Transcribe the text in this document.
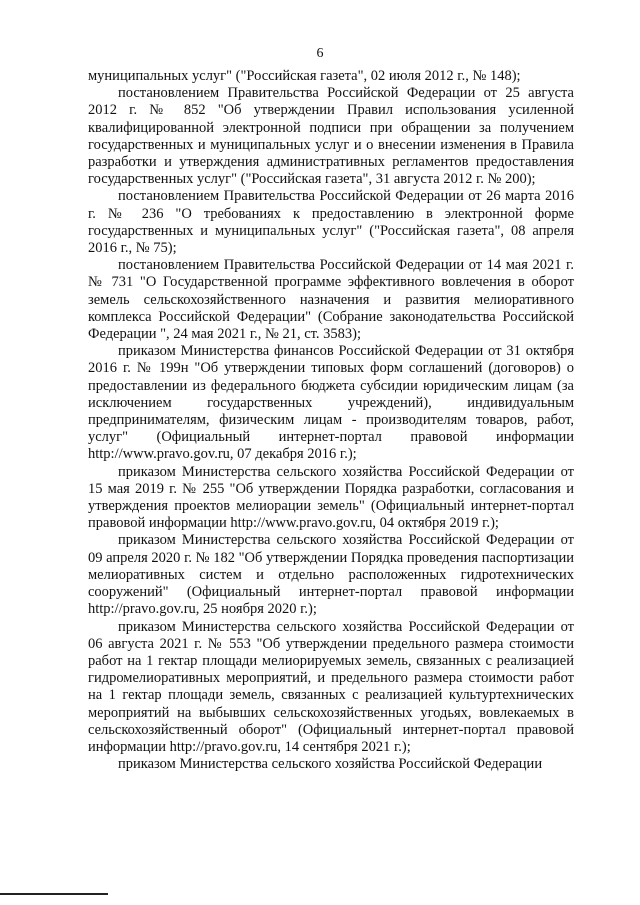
6

муниципальных услуг" ("Российская газета", 02 июля 2012 г., № 148);

постановлением Правительства Российской Федерации от 25 августа 2012 г. № 852 "Об утверждении Правил использования усиленной квалифицированной электронной подписи при обращении за получением государственных и муниципальных услуг и о внесении изменения в Правила разработки и утверждения административных регламентов предоставления государственных услуг" ("Российская газета", 31 августа 2012 г. № 200);

постановлением Правительства Российской Федерации от 26 марта 2016 г. № 236 "О требованиях к предоставлению в электронной форме государственных и муниципальных услуг" ("Российская газета", 08 апреля 2016 г., № 75);

постановлением Правительства Российской Федерации от 14 мая 2021 г. № 731 "О Государственной программе эффективного вовлечения в оборот земель сельскохозяйственного назначения и развития мелиоративного комплекса Российской Федерации" (Собрание законодательства Российской Федерации ", 24 мая 2021 г., № 21, ст. 3583);

приказом Министерства финансов Российской Федерации от 31 октября 2016 г. № 199н "Об утверждении типовых форм соглашений (договоров) о предоставлении из федерального бюджета субсидии юридическим лицам (за исключением государственных учреждений), индивидуальным предпринимателям, физическим лицам - производителям товаров, работ, услуг" (Официальный интернет-портал правовой информации http://www.pravo.gov.ru, 07 декабря 2016 г.);

приказом Министерства сельского хозяйства Российской Федерации от 15 мая 2019 г. № 255 "Об утверждении Порядка разработки, согласования и утверждения проектов мелиорации земель" (Официальный интернет-портал правовой информации http://www.pravo.gov.ru, 04 октября 2019 г.);

приказом Министерства сельского хозяйства Российской Федерации от 09 апреля 2020 г. № 182 "Об утверждении Порядка проведения паспортизации мелиоративных систем и отдельно расположенных гидротехнических сооружений" (Официальный интернет-портал правовой информации http://pravo.gov.ru, 25 ноября 2020 г.);

приказом Министерства сельского хозяйства Российской Федерации от 06 августа 2021 г. № 553 "Об утверждении предельного размера стоимости работ на 1 гектар площади мелиорируемых земель, связанных с реализацией гидромелиоративных мероприятий, и предельного размера стоимости работ на 1 гектар площади земель, связанных с реализацией культуртехнических мероприятий на выбывших сельскохозяйственных угодьях, вовлекаемых в сельскохозяйственный оборот" (Официальный интернет-портал правовой информации http://pravo.gov.ru, 14 сентября 2021 г.);

приказом Министерства сельского хозяйства Российской Федерации
